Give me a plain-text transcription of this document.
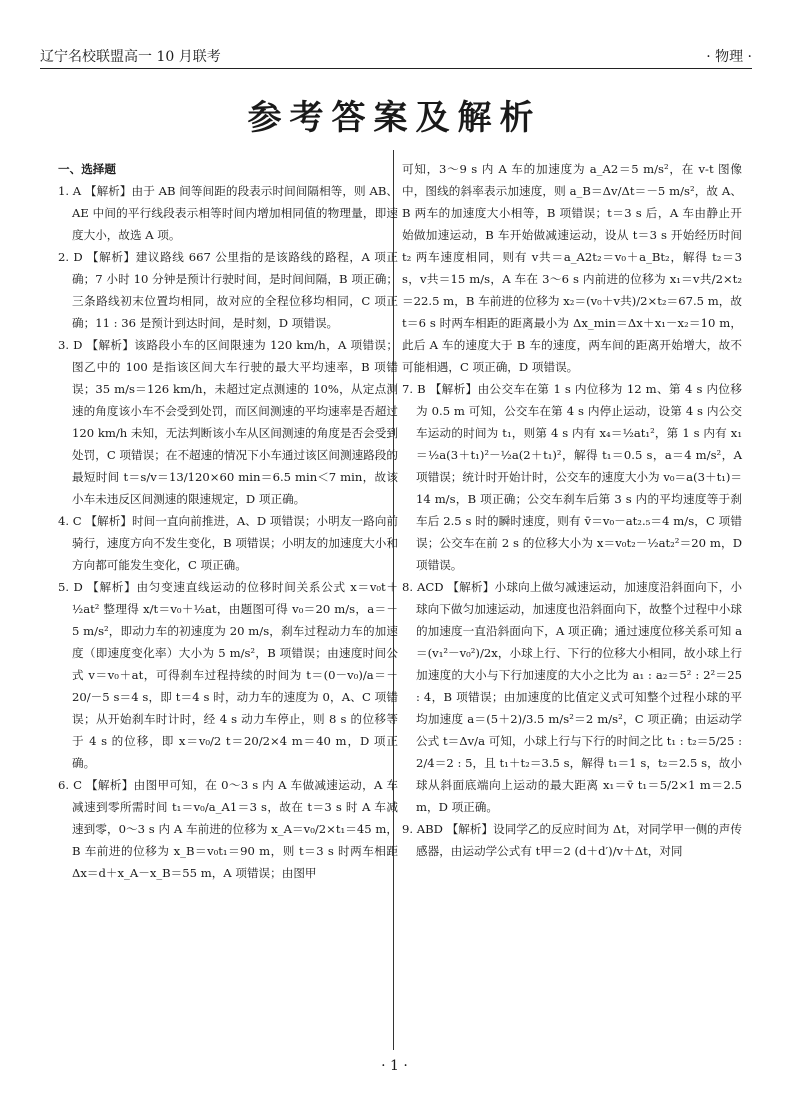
辽宁名校联盟高一 10 月联考	· 物理 ·
参考答案及解析

一、选择题

1. A 【解析】由于 AB 间等间距的段表示时间间隔相等，则 AB、AE 中间的平行线段表示相等时间内增加相同值的物理量，即速度大小，故选 A 项。

2. D 【解析】建议路线 667 公里指的是该路线的路程，A 项正确；7 小时 10 分钟是预计行驶时间，是时间间隔，B 项正确；三条路线初末位置均相同，故对应的全程位移均相同，C 项正确；11 : 36 是预计到达时间，是时刻，D 项错误。

3. D 【解析】该路段小车的区间限速为 120 km/h，A 项错误；图乙中的 100 是指该区间大车行驶的最大平均速率，B 项错误；35 m/s＝126 km/h，未超过定点测速的 10%，从定点测速的角度该小车不会受到处罚，而区间测速的平均速率是否超过 120 km/h 未知，无法判断该小车从区间测速的角度是否会受到处罚，C 项错误；在不超速的情况下小车通过该区间测速路段的最短时间 t＝s/v＝13/120×60 min＝6.5 min＜7 min，故该小车未违反区间测速的限速规定，D 项正确。

4. C 【解析】时间一直向前推进，A、D 项错误；小明友一路向前骑行，速度方向不发生变化，B 项错误；小明友的加速度大小和方向都可能发生变化，C 项正确。

5. D 【解析】由匀变速直线运动的位移时间关系公式 x＝v₀t＋½at² 整理得 x/t＝v₀＋½at，由题图可得 v₀＝20 m/s，a＝－5 m/s²，即动力车的初速度为 20 m/s，刹车过程动力车的加速度（即速度变化率）大小为 5 m/s²，B 项错误；由速度时间公式 v＝v₀＋at，可得刹车过程持续的时间为 t＝(0－v₀)/a＝－20/－5 s＝4 s，即 t＝4 s 时，动力车的速度为 0，A、C 项错误；从开始刹车时计时，经 4 s 动力车停止，则 8 s 的位移等于 4 s 的位移，即 x＝v₀/2 t＝20/2×4 m＝40 m，D 项正确。

6. C 【解析】由图甲可知，在 0～3 s 内 A 车做减速运动，A 车减速到零所需时间 t₁＝v₀/a_A1＝3 s，故在 t＝3 s 时 A 车减速到零，0～3 s 内 A 车前进的位移为 x_A＝v₀/2×t₁＝45 m，B 车前进的位移为 x_B＝v₀t₁＝90 m，则 t＝3 s 时两车相距 Δx＝d＋x_A－x_B＝55 m，A 项错误；由图甲

可知，3～9 s 内 A 车的加速度为 a_A2＝5 m/s²，在 v-t 图像中，图线的斜率表示加速度，则 a_B＝Δv/Δt＝－5 m/s²，故 A、B 两车的加速度大小相等，B 项错误；t＝3 s 后，A 车由静止开始做加速运动，B 车开始做减速运动，设从 t＝3 s 开始经历时间 t₂ 两车速度相同，则有 v共＝a_A2t₂＝v₀＋a_Bt₂，解得 t₂＝3 s，v共＝15 m/s，A 车在 3～6 s 内前进的位移为 x₁＝v共/2×t₂＝22.5 m，B 车前进的位移为 x₂＝(v₀＋v共)/2×t₂＝67.5 m，故 t＝6 s 时两车相距的距离最小为 Δx_min＝Δx＋x₁－x₂＝10 m，此后 A 车的速度大于 B 车的速度，两车间的距离开始增大，故不可能相遇，C 项正确，D 项错误。

7. B 【解析】由公交车在第 1 s 内位移为 12 m、第 4 s 内位移为 0.5 m 可知，公交车在第 4 s 内停止运动，设第 4 s 内公交车运动的时间为 t₁，则第 4 s 内有 x₄＝½at₁²，第 1 s 内有 x₁＝½a(3＋t₁)²－½a(2＋t₁)²，解得 t₁＝0.5 s，a＝4 m/s²，A 项错误；统计时开始计时，公交车的速度大小为 v₀＝a(3＋t₁)＝14 m/s，B 项正确；公交车刹车后第 3 s 内的平均速度等于刹车后 2.5 s 时的瞬时速度，则有 v̄＝v₀－at₂.₅＝4 m/s，C 项错误；公交车在前 2 s 的位移大小为 x＝v₀t₂－½at₂²＝20 m，D 项错误。

8. ACD 【解析】小球向上做匀减速运动，加速度沿斜面向下，小球向下做匀加速运动，加速度也沿斜面向下，故整个过程中小球的加速度一直沿斜面向下，A 项正确；通过速度位移关系可知 a＝(v₁²－v₀²)/2x，小球上行、下行的位移大小相同，故小球上行加速度的大小与下行加速度的大小之比为 a₁ : a₂＝5² : 2²＝25 : 4，B 项错误；由加速度的比值定义式可知整个过程小球的平均加速度 a＝(5＋2)/3.5 m/s²＝2 m/s²，C 项正确；由运动学公式 t＝Δv/a 可知，小球上行与下行的时间之比 t₁ : t₂＝5/25 : 2/4＝2 : 5，且 t₁＋t₂＝3.5 s，解得 t₁＝1 s，t₂＝2.5 s，故小球从斜面底端向上运动的最大距离 x₁＝v̄ t₁＝5/2×1 m＝2.5 m，D 项正确。

9. ABD 【解析】设同学乙的反应时间为 Δt，对同学甲一侧的声传感器，由运动学公式有 t甲＝2 (d＋d′)/v＋Δt，对同

· 1 ·
